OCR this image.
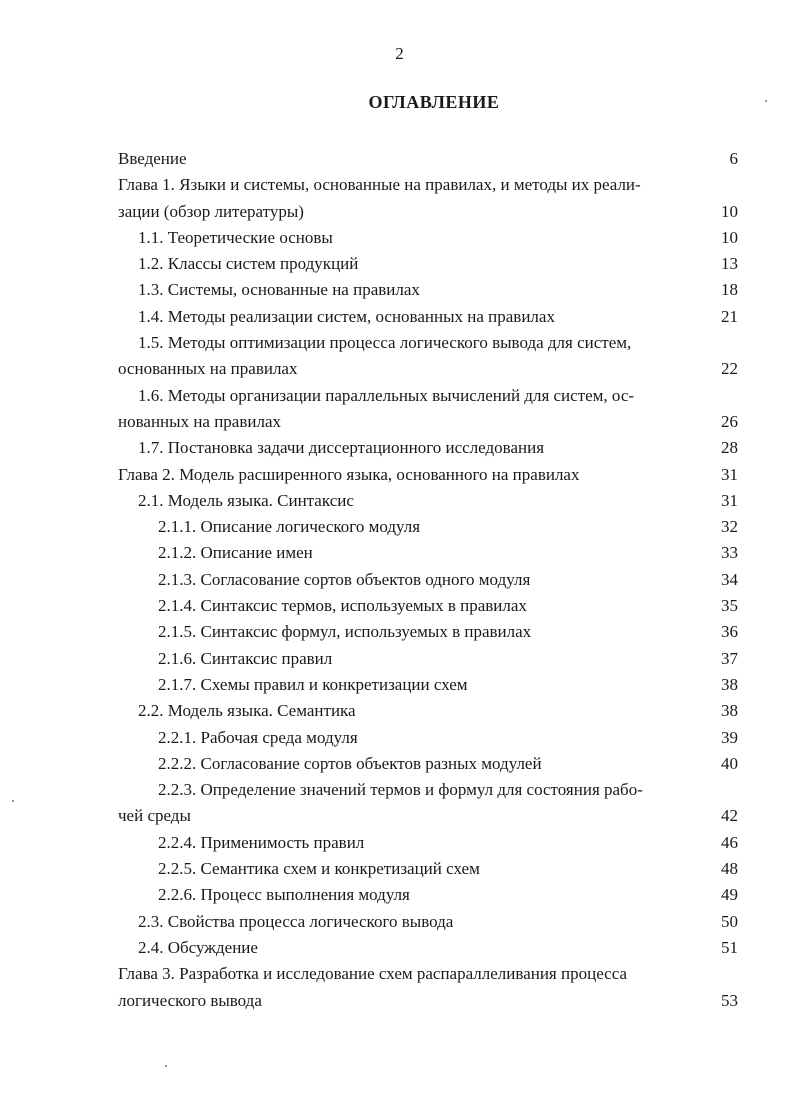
2
ОГЛАВЛЕНИЕ
Введение	6
Глава 1. Языки и системы, основанные на правилах, и методы их реали-
зации (обзор литературы)	10
1.1. Теоретические основы	10
1.2. Классы систем продукций	13
1.3. Системы, основанные на правилах	18
1.4. Методы реализации систем, основанных на правилах	21
1.5. Методы оптимизации процесса логического вывода для систем,
основанных на правилах	22
1.6. Методы организации параллельных вычислений для систем, ос-
нованных на правилах	26
1.7. Постановка задачи диссертационного исследования	28
Глава 2. Модель расширенного языка, основанного на правилах	31
2.1. Модель языка. Синтаксис	31
2.1.1. Описание логического модуля	32
2.1.2. Описание имен	33
2.1.3. Согласование сортов объектов одного модуля	34
2.1.4. Синтаксис термов, используемых в правилах	35
2.1.5. Синтаксис формул, используемых в правилах	36
2.1.6. Синтаксис правил	37
2.1.7. Схемы правил и конкретизации схем	38
2.2. Модель языка. Семантика	38
2.2.1. Рабочая среда модуля	39
2.2.2. Согласование сортов объектов разных модулей	40
2.2.3. Определение значений термов и формул для состояния рабо-
чей среды	42
2.2.4. Применимость правил	46
2.2.5. Семантика схем и конкретизаций схем	48
2.2.6. Процесс выполнения модуля	49
2.3. Свойства процесса логического вывода	50
2.4. Обсуждение	51
Глава 3. Разработка и исследование схем распараллеливания процесса
логического вывода	53
